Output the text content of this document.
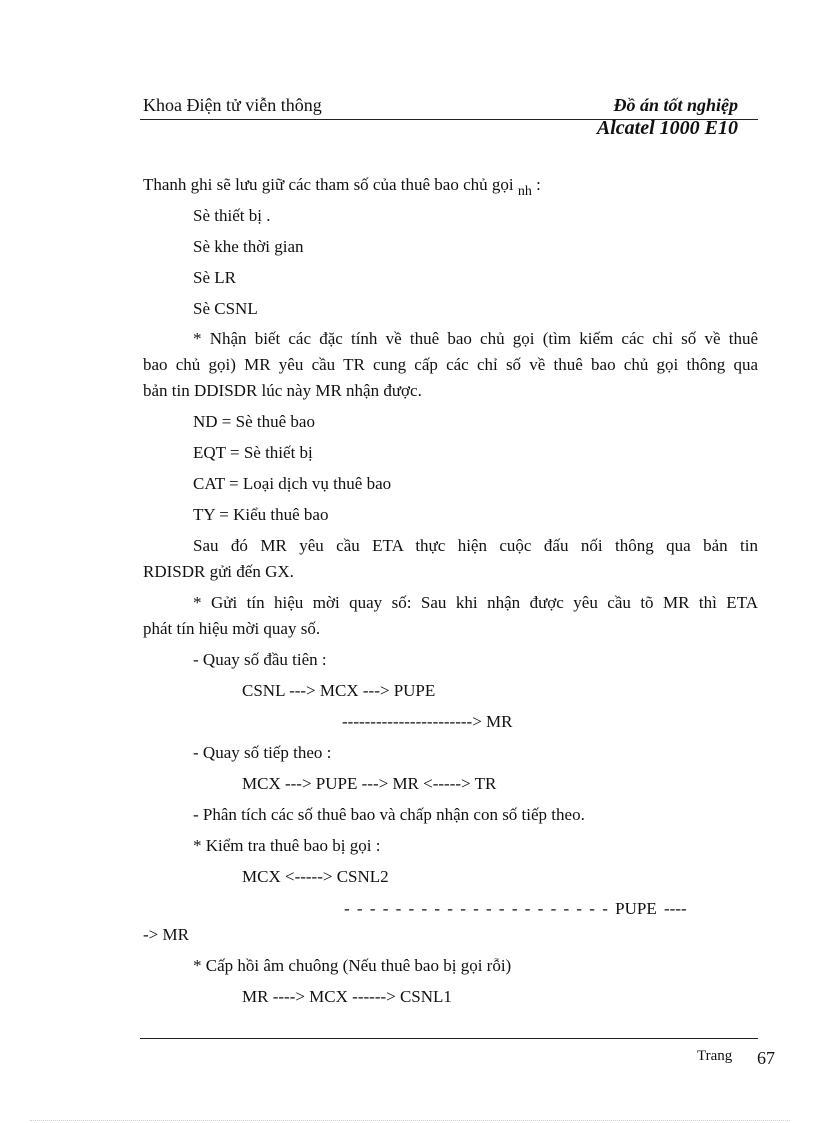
Khoa Điện tử viễn thông	Đồ án tốt nghiệp
Alcatel 1000 E10
Thanh ghi sẽ lưu giữ các tham số của thuê bao chủ gọi $_{nh}$ :
Sè thiết bị .
Sè khe thời gian
Sè LR
Sè CSNL
* Nhận biết các đặc tính về thuê bao chủ gọi (tìm kiếm các chỉ số về thuê
bao chủ gọi) MR yêu cầu TR cung cấp các chỉ số về thuê bao chủ gọi thông qua
bản tin DDISDR lúc này MR nhận được.
ND = Sè thuê bao
EQT = Sè thiết bị
CAT = Loại dịch vụ thuê bao
TY = Kiểu thuê bao
Sau đó MR yêu cầu ETA thực hiện cuộc đấu nối thông qua bản tin
RDISDR gửi đến GX.
* Gửi tín hiệu mời quay số: Sau khi nhận được yêu cầu tõ MR thì ETA
phát tín hiệu mời quay số.
- Quay số đầu tiên :
CSNL ---> MCX ---> PUPE
-----------------------> MR
- Quay số tiếp theo :
MCX ---> PUPE ---> MR <-----> TR
- Phân tích các số thuê bao và chấp nhận con số tiếp theo.
* Kiểm tra thuê bao bị gọi :
MCX <-----> CSNL2
- - - - - - - - - - - - - - - - - - - - - PUPE ----
-> MR
* Cấp hồi âm chuông (Nếu thuê bao bị gọi rỗi)
MR ----> MCX ------> CSNL1
Trang 67
